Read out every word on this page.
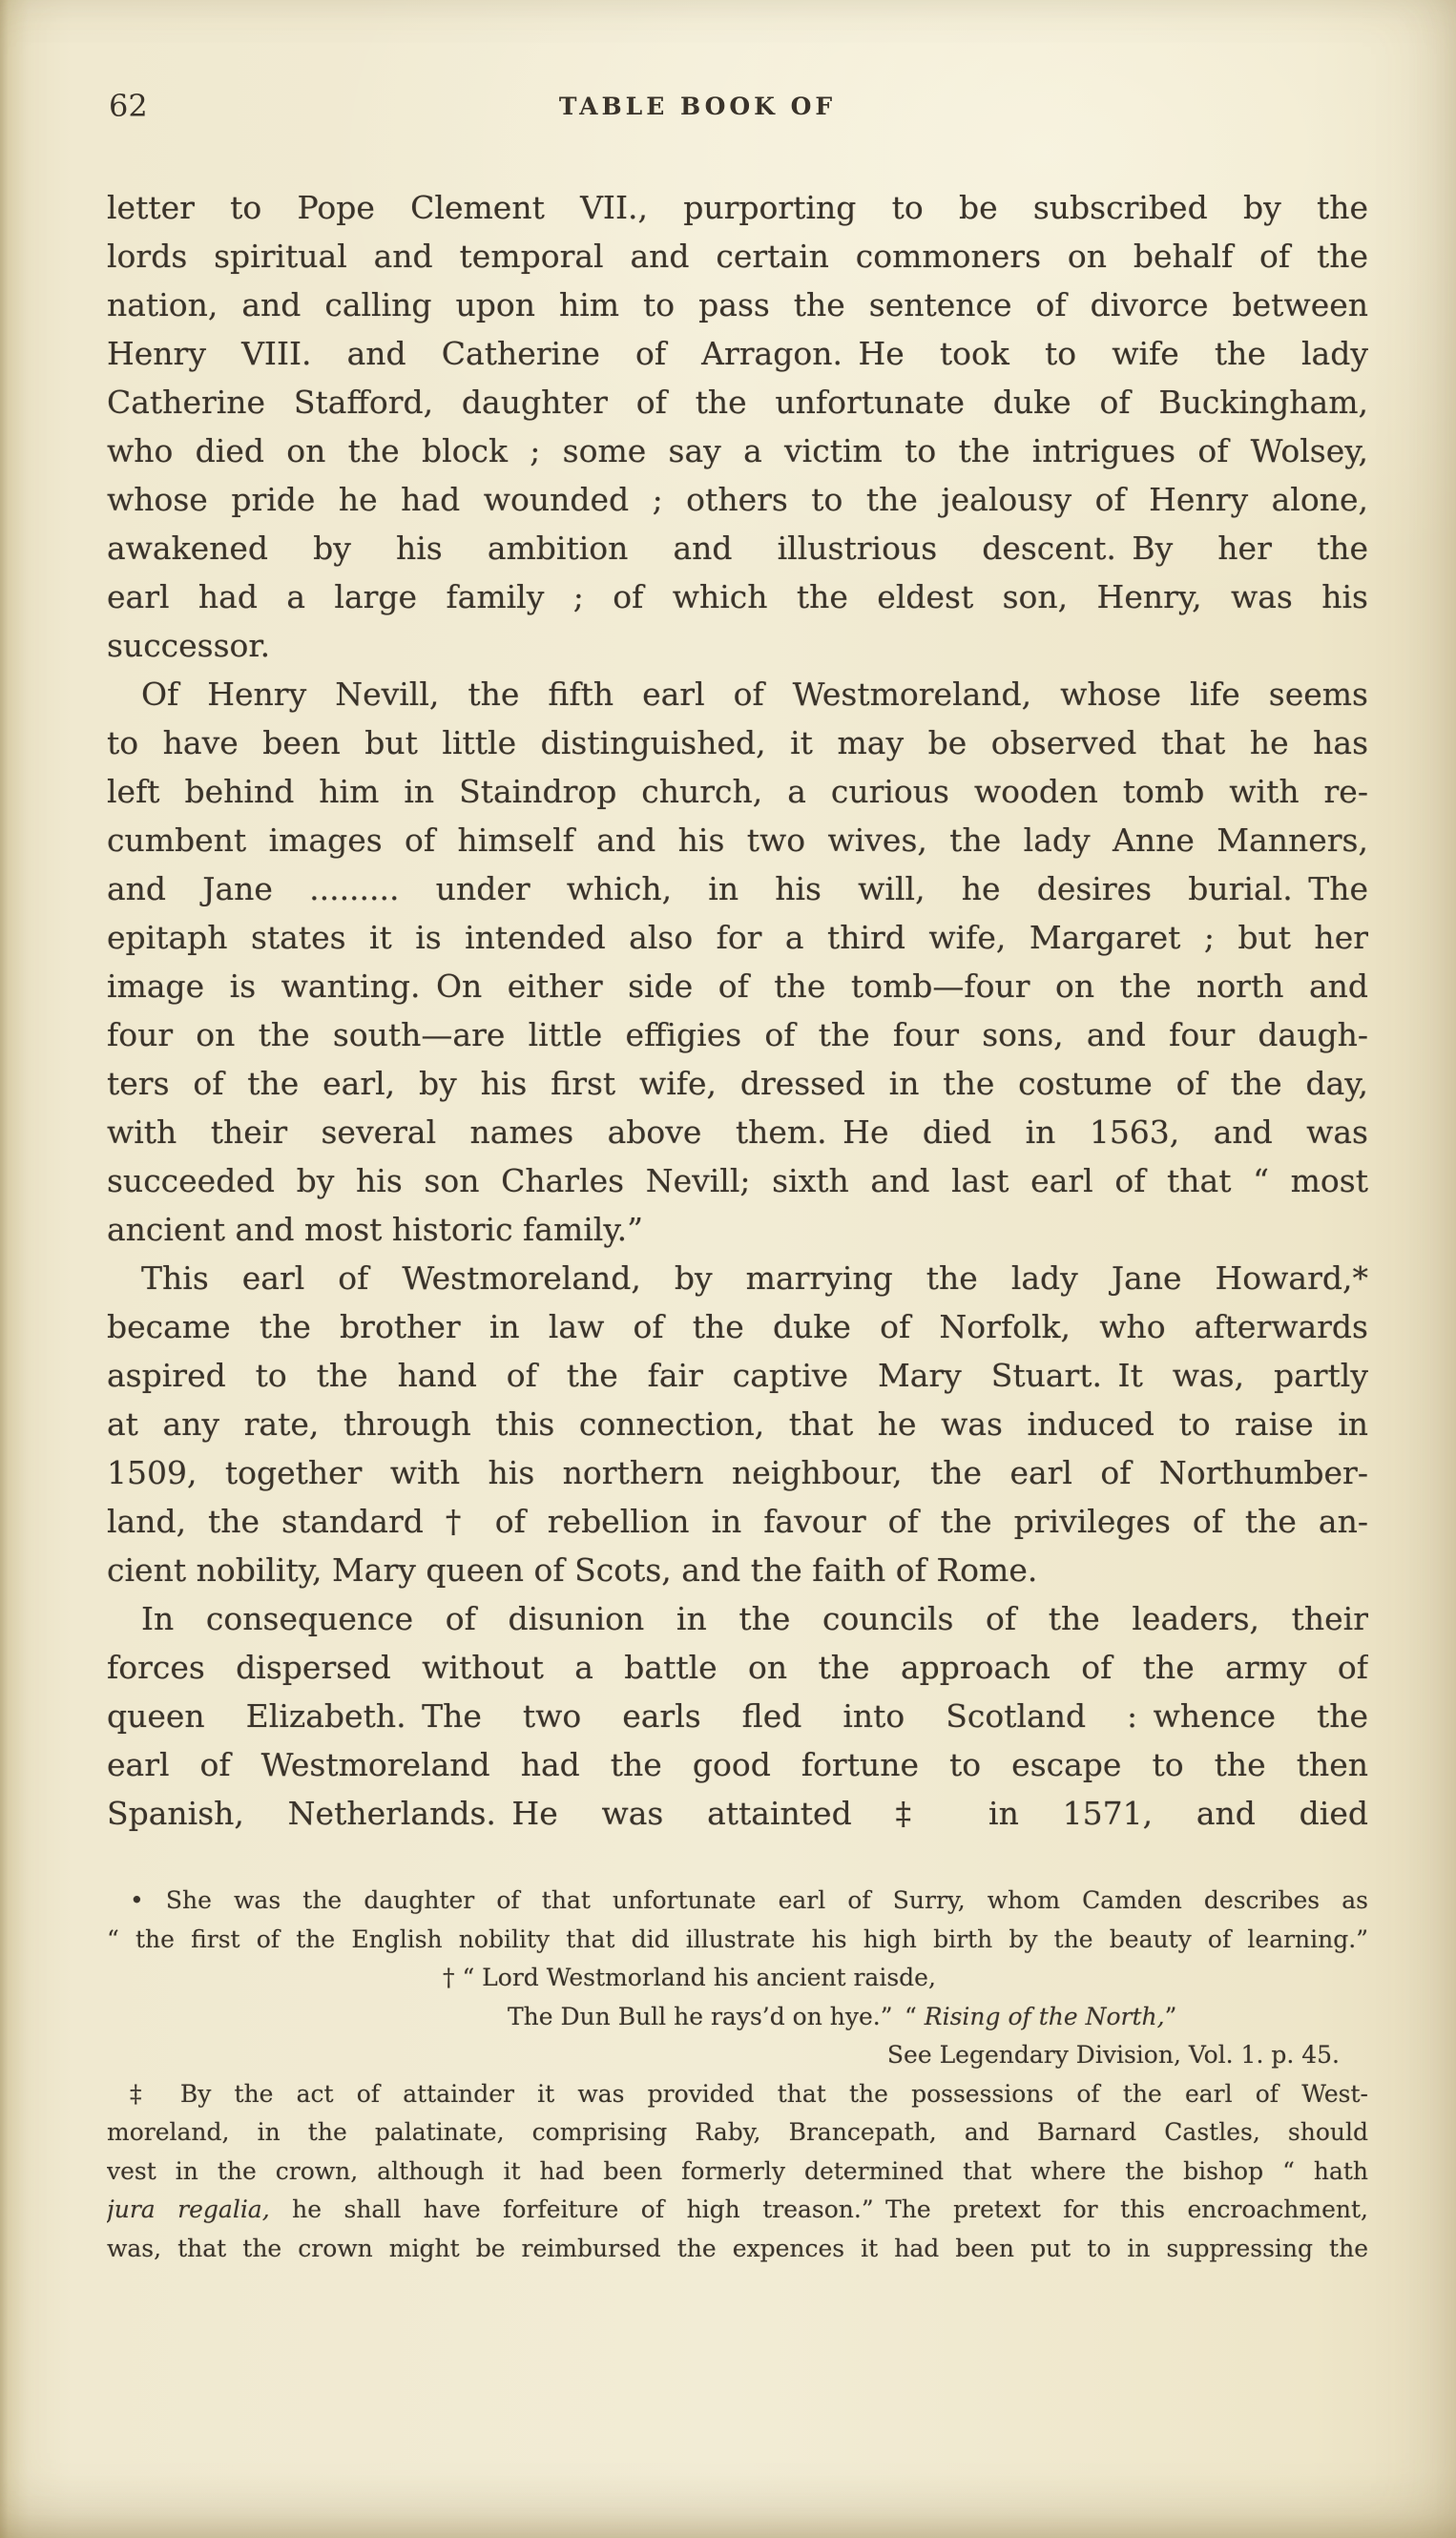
62	TABLE BOOK OF
letter to Pope Clement VII., purporting to be subscribed by the
lords spiritual and temporal and certain commoners on behalf of the
nation, and calling upon him to pass the sentence of divorce between
Henry VIII. and Catherine of Arragon. He took to wife the lady
Catherine Stafford, daughter of the unfortunate duke of Buckingham,
who died on the block ; some say a victim to the intrigues of Wolsey,
whose pride he had wounded ; others to the jealousy of Henry alone,
awakened by his ambition and illustrious descent. By her the
earl had a large family ; of which the eldest son, Henry, was his
successor.
Of Henry Nevill, the fifth earl of Westmoreland, whose life seems
to have been but little distinguished, it may be observed that he has
left behind him in Staindrop church, a curious wooden tomb with re-
cumbent images of himself and his two wives, the lady Anne Manners,
and Jane ......... under which, in his will, he desires burial. The
epitaph states it is intended also for a third wife, Margaret ; but her
image is wanting. On either side of the tomb—four on the north and
four on the south—are little effigies of the four sons, and four daugh-
ters of the earl, by his first wife, dressed in the costume of the day,
with their several names above them. He died in 1563, and was
succeeded by his son Charles Nevill; sixth and last earl of that “ most
ancient and most historic family.”
This earl of Westmoreland, by marrying the lady Jane Howard,*
became the brother in law of the duke of Norfolk, who afterwards
aspired to the hand of the fair captive Mary Stuart. It was, partly
at any rate, through this connection, that he was induced to raise in
1509, together with his northern neighbour, the earl of Northumber-
land, the standard † of rebellion in favour of the privileges of the an-
cient nobility, Mary queen of Scots, and the faith of Rome.
In consequence of disunion in the councils of the leaders, their
forces dispersed without a battle on the approach of the army of
queen Elizabeth. The two earls fled into Scotland : whence the
earl of Westmoreland had the good fortune to escape to the then
Spanish, Netherlands. He was attainted ‡ in 1571, and died
• She was the daughter of that unfortunate earl of Surry, whom Camden describes as
“ the first of the English nobility that did illustrate his high birth by the beauty of learning.”
† “ Lord Westmorland his ancient raisde,
The Dun Bull he rays’d on hye.” “ Rising of the North,”
See Legendary Division, Vol. 1. p. 45.
‡ By the act of attainder it was provided that the possessions of the earl of West-
moreland, in the palatinate, comprising Raby, Brancepath, and Barnard Castles, should
vest in the crown, although it had been formerly determined that where the bishop “ hath
jura regalia, he shall have forfeiture of high treason.” The pretext for this encroachment,
was, that the crown might be reimbursed the expences it had been put to in suppressing the
